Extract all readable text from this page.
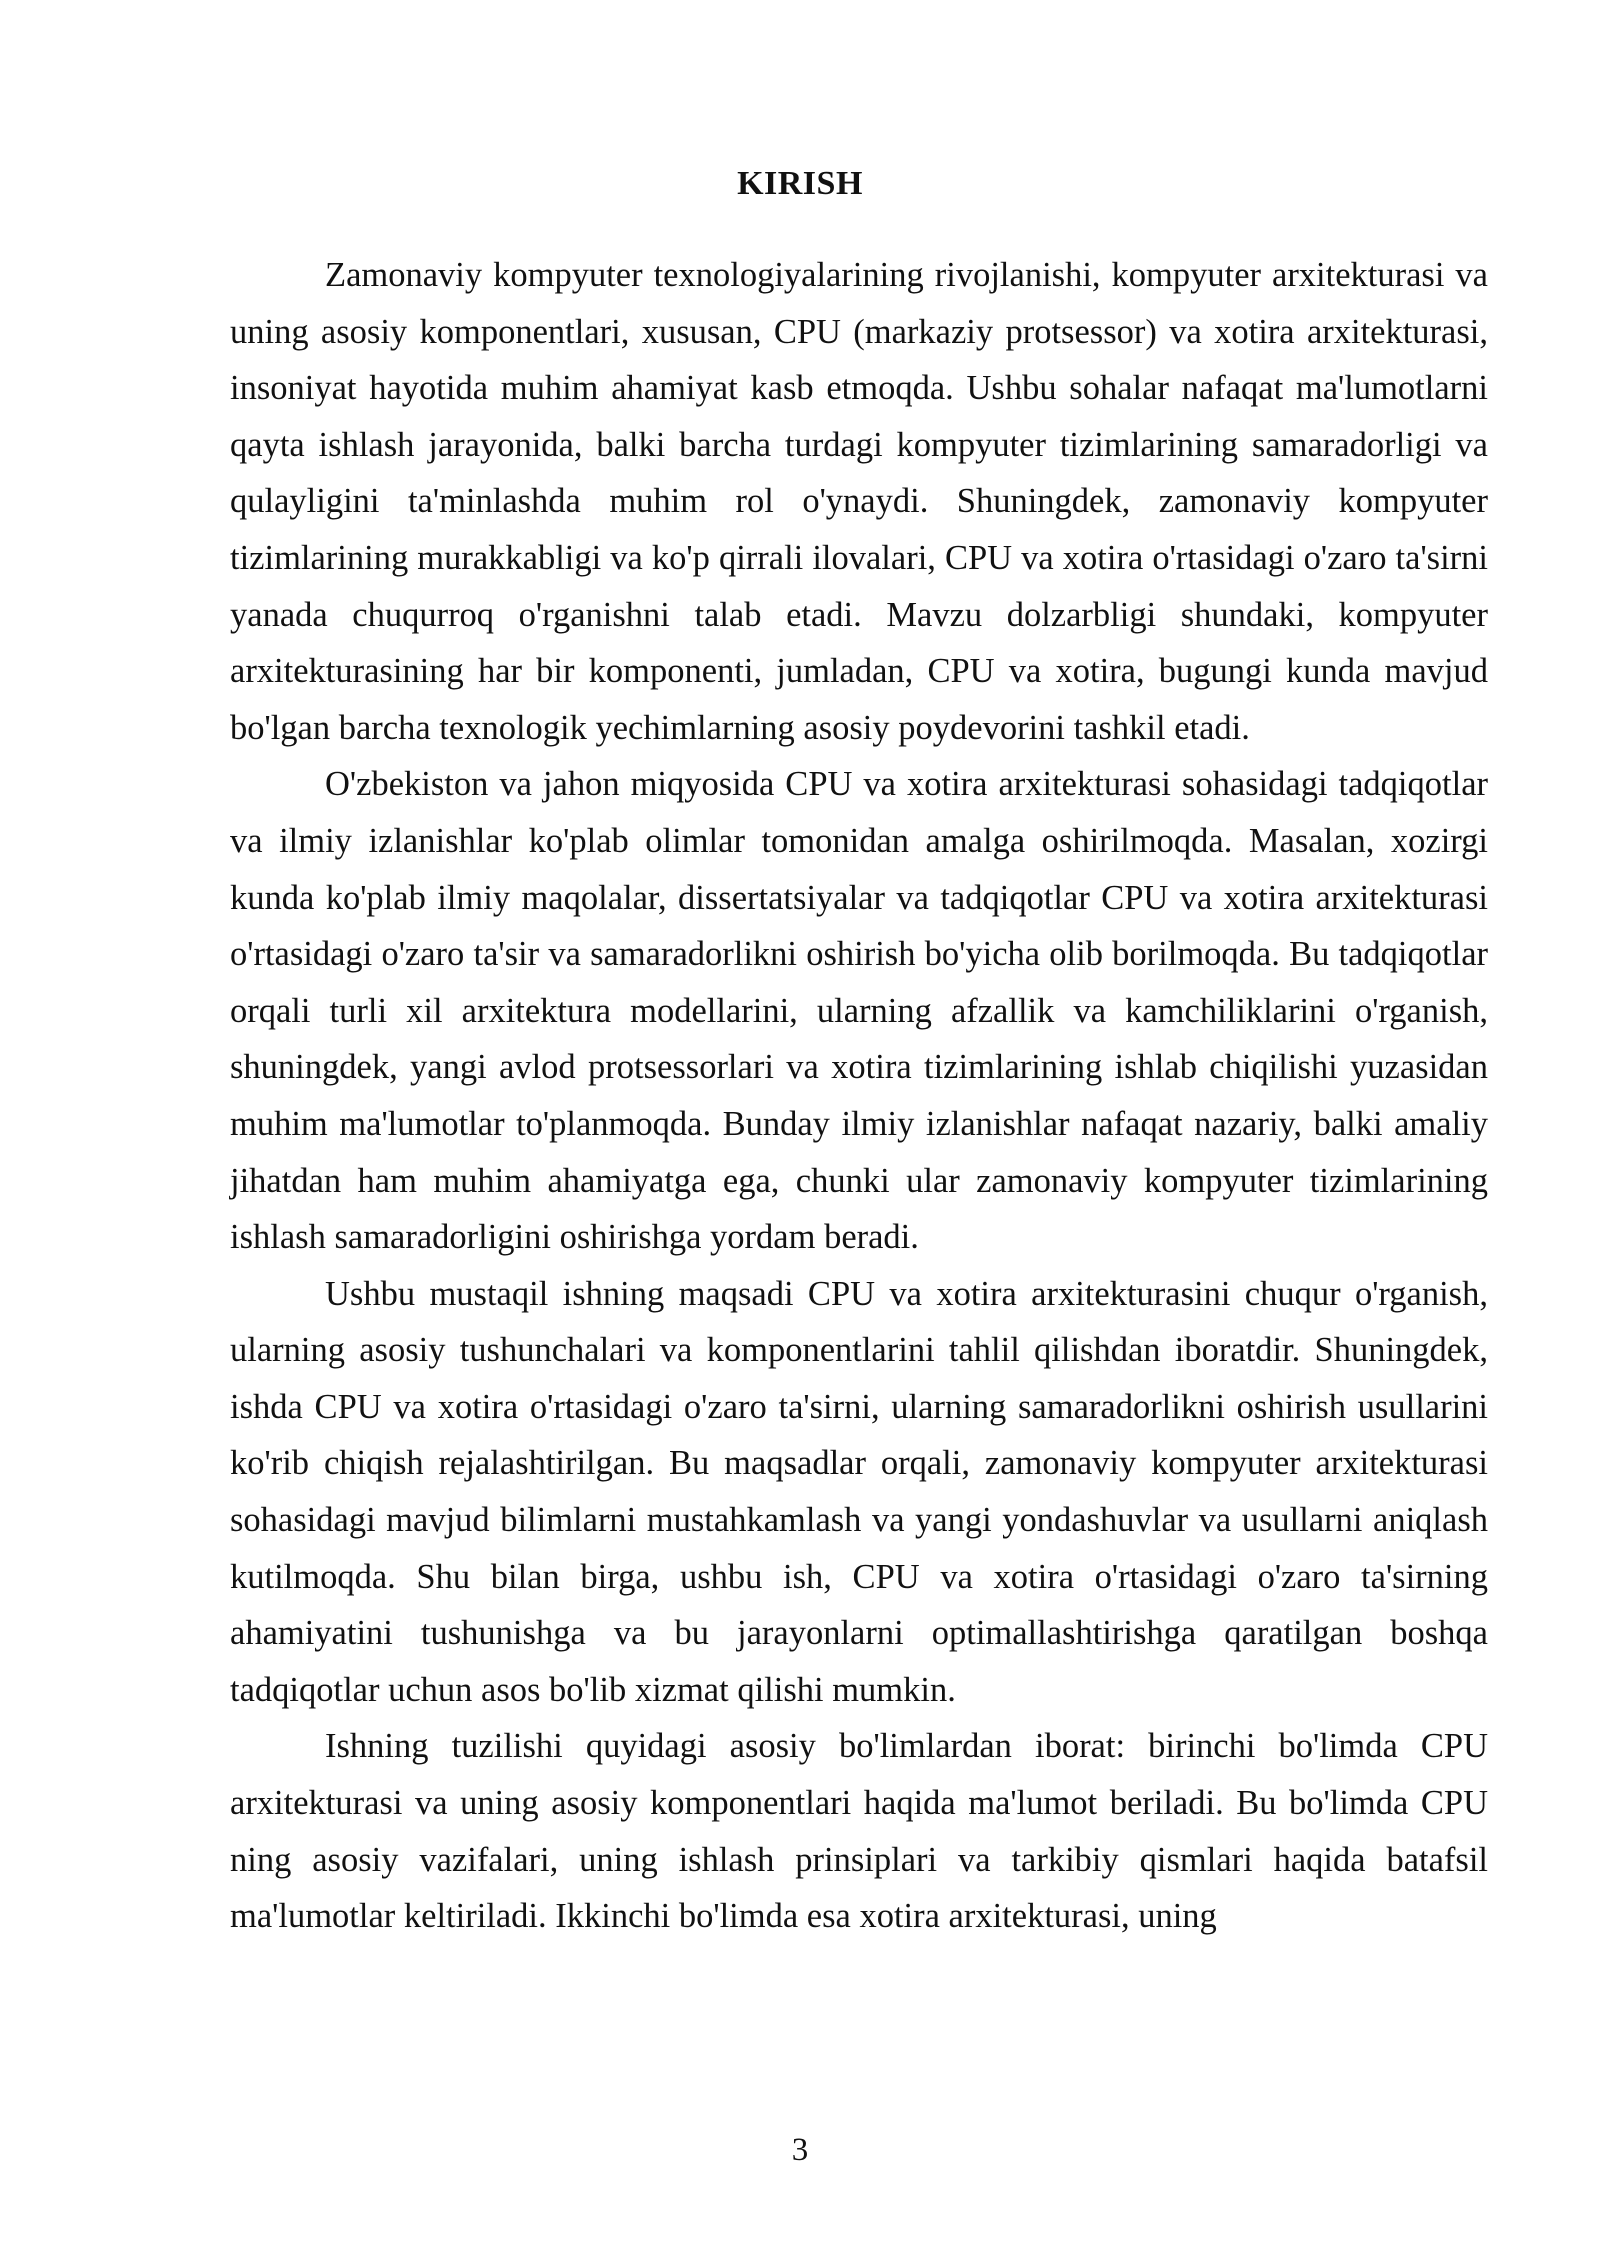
KIRISH

Zamonaviy kompyuter texnologiyalarining rivojlanishi, kompyuter arxitekturasi va uning asosiy komponentlari, xususan, CPU (markaziy protsessor) va xotira arxitekturasi, insoniyat hayotida muhim ahamiyat kasb etmoqda. Ushbu sohalar nafaqat ma'lumotlarni qayta ishlash jarayonida, balki barcha turdagi kompyuter tizimlarining samaradorligi va qulayligini ta'minlashda muhim rol o'ynaydi. Shuningdek, zamonaviy kompyuter tizimlarining murakkabligi va ko'p qirrali ilovalari, CPU va xotira o'rtasidagi o'zaro ta'sirni yanada chuqurroq o'rganishni talab etadi. Mavzu dolzarbligi shundaki, kompyuter arxitekturasining har bir komponenti, jumladan, CPU va xotira, bugungi kunda mavjud bo'lgan barcha texnologik yechimlarning asosiy poydevorini tashkil etadi.

O'zbekiston va jahon miqyosida CPU va xotira arxitekturasi sohasidagi tadqiqotlar va ilmiy izlanishlar ko'plab olimlar tomonidan amalga oshirilmoqda. Masalan, xozirgi kunda ko'plab ilmiy maqolalar, dissertatsiyalar va tadqiqotlar CPU va xotira arxitekturasi o'rtasidagi o'zaro ta'sir va samaradorlikni oshirish bo'yicha olib borilmoqda. Bu tadqiqotlar orqali turli xil arxitektura modellarini, ularning afzallik va kamchiliklarini o'rganish, shuningdek, yangi avlod protsessorlari va xotira tizimlarining ishlab chiqilishi yuzasidan muhim ma'lumotlar to'planmoqda. Bunday ilmiy izlanishlar nafaqat nazariy, balki amaliy jihatdan ham muhim ahamiyatga ega, chunki ular zamonaviy kompyuter tizimlarining ishlash samaradorligini oshirishga yordam beradi.

Ushbu mustaqil ishning maqsadi CPU va xotira arxitekturasini chuqur o'rganish, ularning asosiy tushunchalari va komponentlarini tahlil qilishdan iboratdir. Shuningdek, ishda CPU va xotira o'rtasidagi o'zaro ta'sirni, ularning samaradorlikni oshirish usullarini ko'rib chiqish rejalashtirilgan. Bu maqsadlar orqali, zamonaviy kompyuter arxitekturasi sohasidagi mavjud bilimlarni mustahkamlash va yangi yondashuvlar va usullarni aniqlash kutilmoqda. Shu bilan birga, ushbu ish, CPU va xotira o'rtasidagi o'zaro ta'sirning ahamiyatini tushunishga va bu jarayonlarni optimallashtirishga qaratilgan boshqa tadqiqotlar uchun asos bo'lib xizmat qilishi mumkin.

Ishning tuzilishi quyidagi asosiy bo'limlardan iborat: birinchi bo'limda CPU arxitekturasi va uning asosiy komponentlari haqida ma'lumot beriladi. Bu bo'limda CPU ning asosiy vazifalari, uning ishlash prinsiplari va tarkibiy qismlari haqida batafsil ma'lumotlar keltiriladi. Ikkinchi bo'limda esa xotira arxitekturasi, uning

3
